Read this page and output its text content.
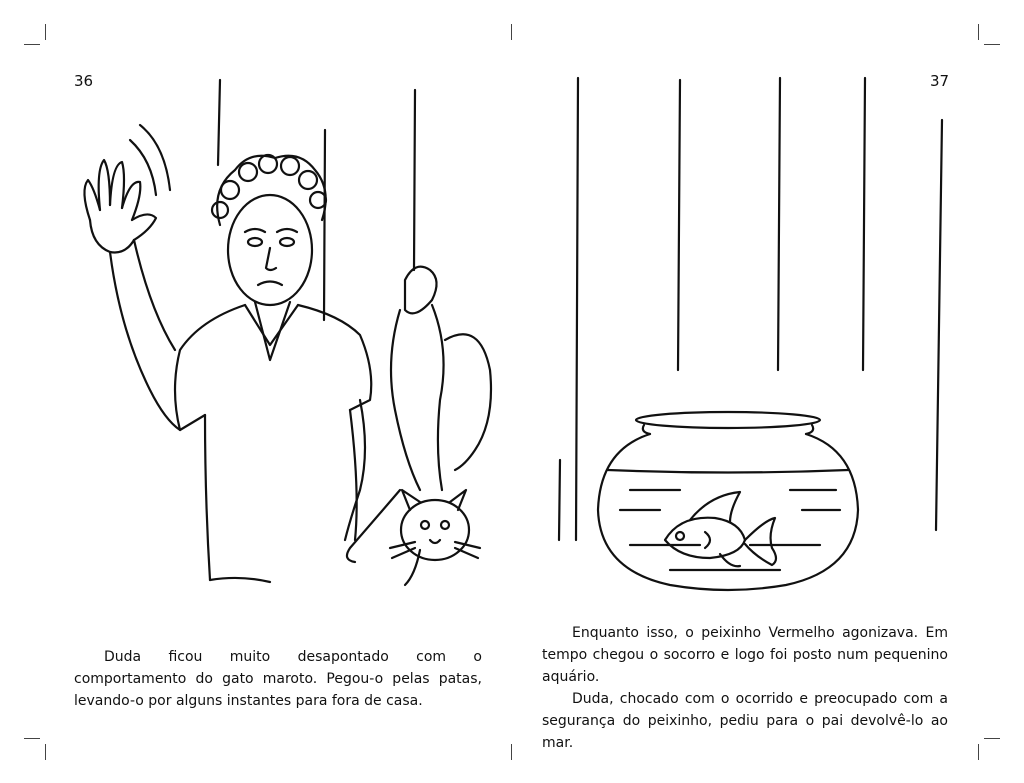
36

Duda ficou muito desapontado com o comportamento do gato maroto. Pegou-o pelas patas, levando-o por alguns instantes para fora de casa.

37

Enquanto isso, o peixinho Vermelho agonizava. Em tempo chegou o socorro e logo foi posto num pequenino aquário.

Duda, chocado com o ocorrido e preocupado com a segurança do peixinho, pediu para o pai devolvê-lo ao mar.
